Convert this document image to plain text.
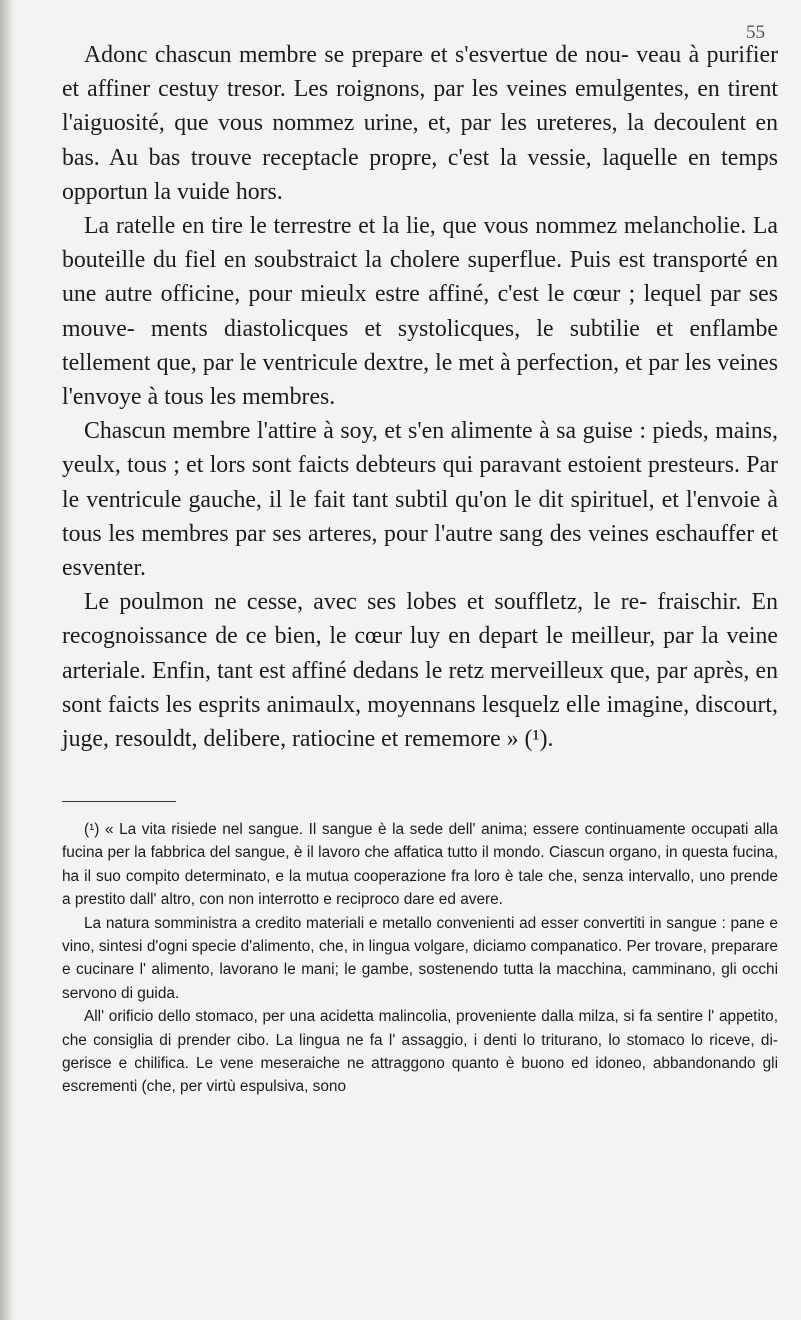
55

Adonc chascun membre se prepare et s'esvertue de nou- veau à purifier et affiner cestuy tresor. Les roignons, par les veines emulgentes, en tirent l'aiguosité, que vous nommez urine, et, par les ureteres, la decoulent en bas. Au bas trouve receptacle propre, c'est la vessie, laquelle en temps opportun la vuide hors.

La ratelle en tire le terrestre et la lie, que vous nommez melancholie. La bouteille du fiel en soubstraict la cholere superflue. Puis est transporté en une autre officine, pour mieulx estre affiné, c'est le cœur ; lequel par ses mouve- ments diastolicques et systolicques, le subtilie et enflambe tellement que, par le ventricule dextre, le met à perfection, et par les veines l'envoye à tous les membres.

Chascun membre l'attire à soy, et s'en alimente à sa guise : pieds, mains, yeulx, tous ; et lors sont faicts debteurs qui paravant estoient presteurs. Par le ventricule gauche, il le fait tant subtil qu'on le dit spirituel, et l'envoie à tous les membres par ses arteres, pour l'autre sang des veines eschauffer et esventer.

Le poulmon ne cesse, avec ses lobes et souffletz, le re- fraischir. En recognoissance de ce bien, le cœur luy en depart le meilleur, par la veine arteriale. Enfin, tant est affiné dedans le retz merveilleux que, par après, en sont faicts les esprits animaulx, moyennans lesquelz elle imagine, discourt, juge, resouldt, delibere, ratiocine et rememore » (¹).

(¹) « La vita risiede nel sangue. Il sangue è la sede dell' anima; essere continuamente occupati alla fucina per la fabbrica del sangue, è il lavoro che affatica tutto il mondo. Ciascun organo, in questa fucina, ha il suo compito determinato, e la mutua cooperazione fra loro è tale che, senza intervallo, uno prende a prestito dall' altro, con non interrotto e reciproco dare ed avere.

La natura somministra a credito materiali e metallo convenienti ad esser convertiti in sangue : pane e vino, sintesi d'ogni specie d'alimento, che, in lingua volgare, diciamo companatico. Per trovare, preparare e cucinare l' alimento, lavorano le mani; le gambe, sostenendo tutta la macchina, camminano, gli occhi servono di guida.

All' orificio dello stomaco, per una acidetta malincolia, proveniente dalla milza, si fa sentire l' appetito, che consiglia di prender cibo. La lingua ne fa l' assaggio, i denti lo triturano, lo stomaco lo riceve, di- gerisce e chilifica. Le vene meseraiche ne attraggono quanto è buono ed idoneo, abbandonando gli escrementi (che, per virtù espulsiva, sono
